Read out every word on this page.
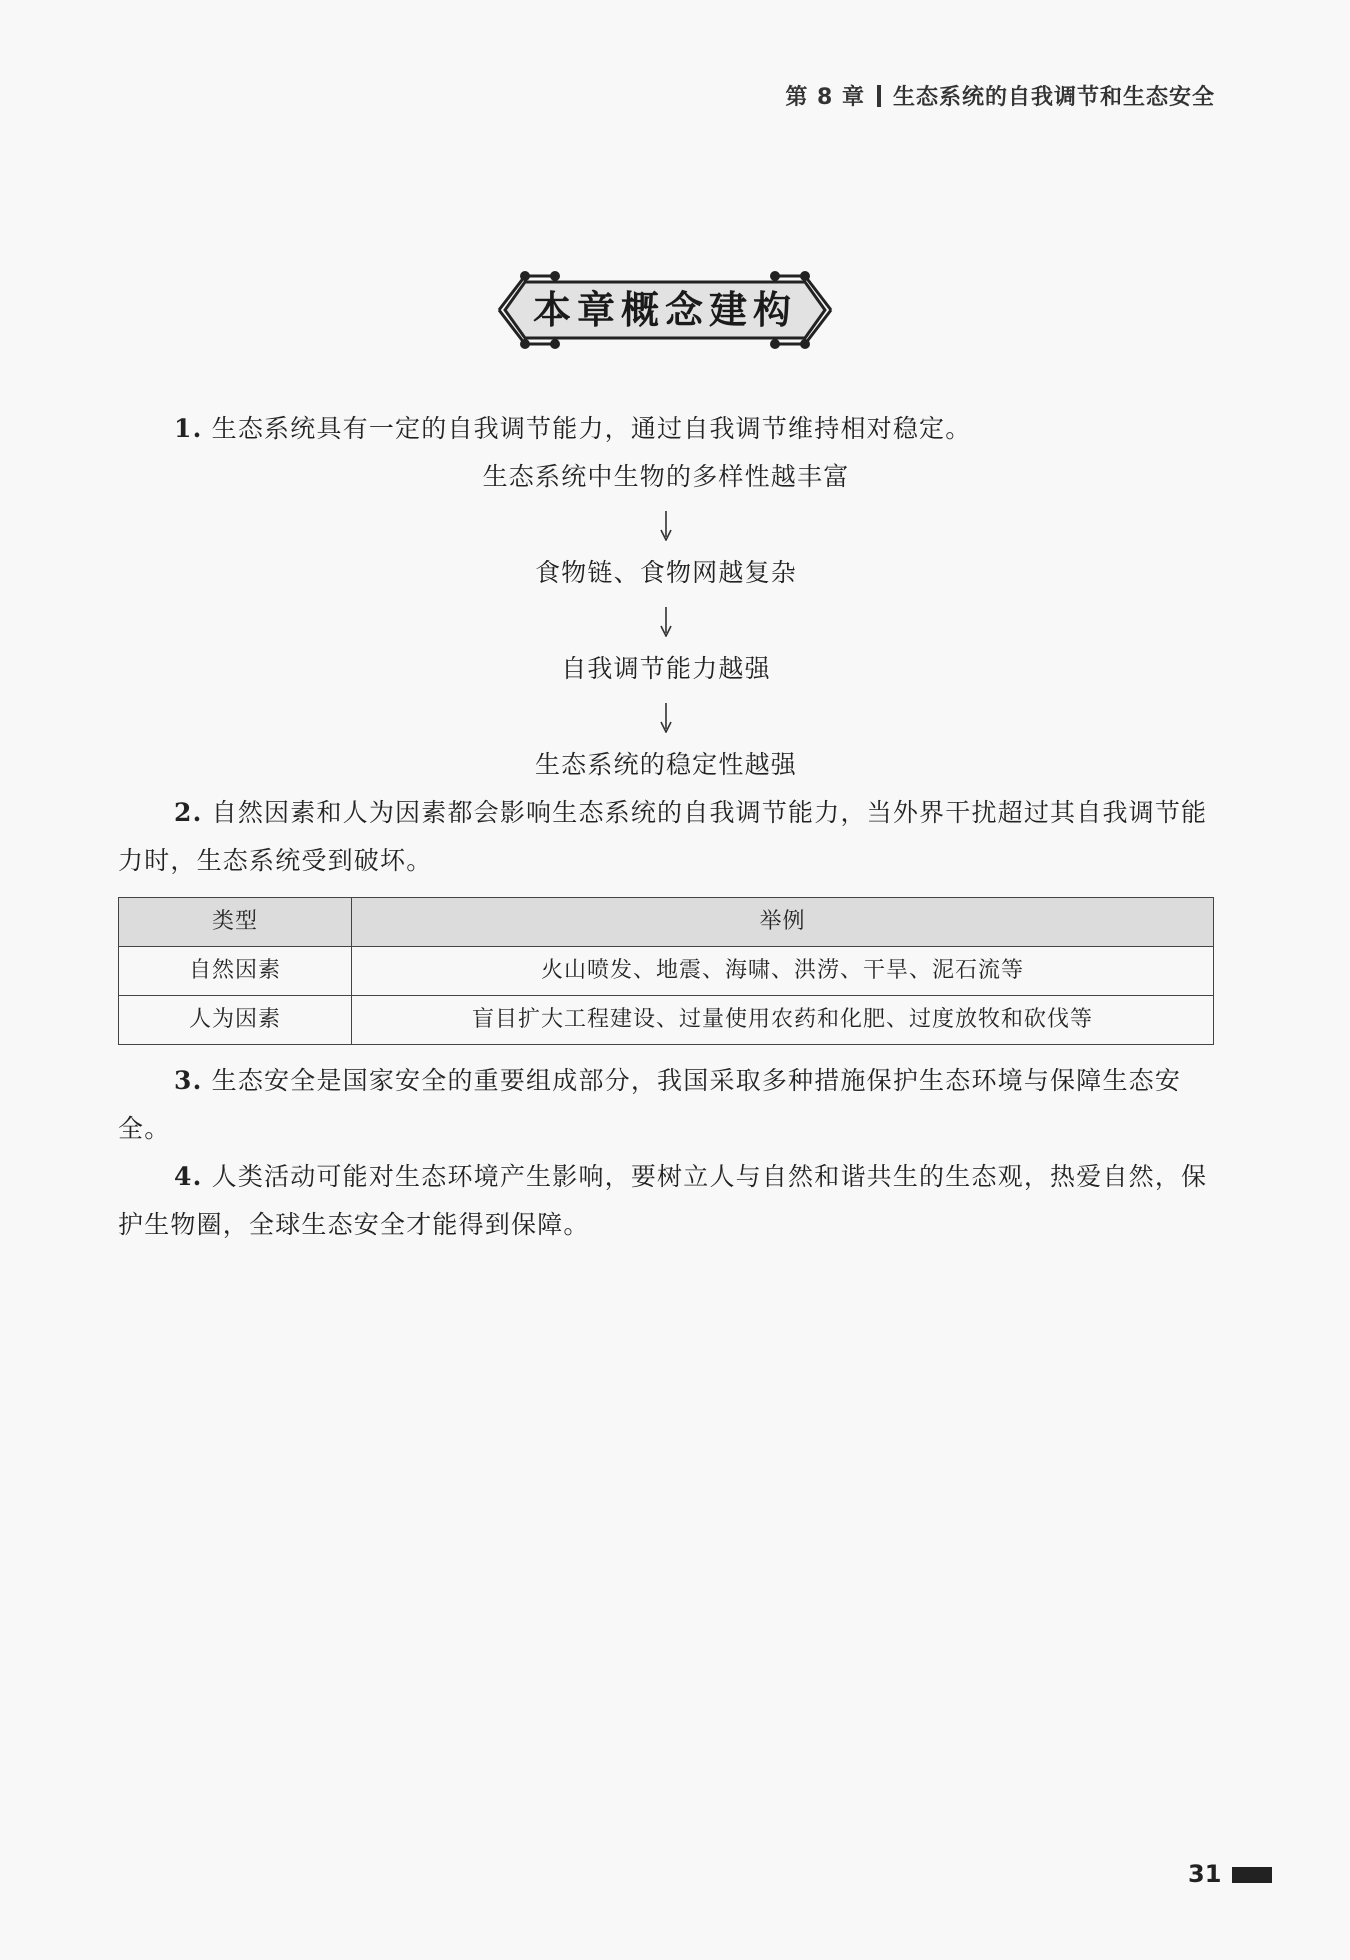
第 8 章 生态系统的自我调节和生态安全
本章概念建构

1. 生态系统具有一定的自我调节能力，通过自我调节维持相对稳定。

生态系统中生物的多样性越丰富
食物链、食物网越复杂
自我调节能力越强
生态系统的稳定性越强

2. 自然因素和人为因素都会影响生态系统的自我调节能力，当外界干扰超过其自我调节能力时，生态系统受到破坏。

类型	举例
自然因素	火山喷发、地震、海啸、洪涝、干旱、泥石流等
人为因素	盲目扩大工程建设、过量使用农药和化肥、过度放牧和砍伐等

3. 生态安全是国家安全的重要组成部分，我国采取多种措施保护生态环境与保障生态安全。

4. 人类活动可能对生态环境产生影响，要树立人与自然和谐共生的生态观，热爱自然，保护生物圈，全球生态安全才能得到保障。

31
